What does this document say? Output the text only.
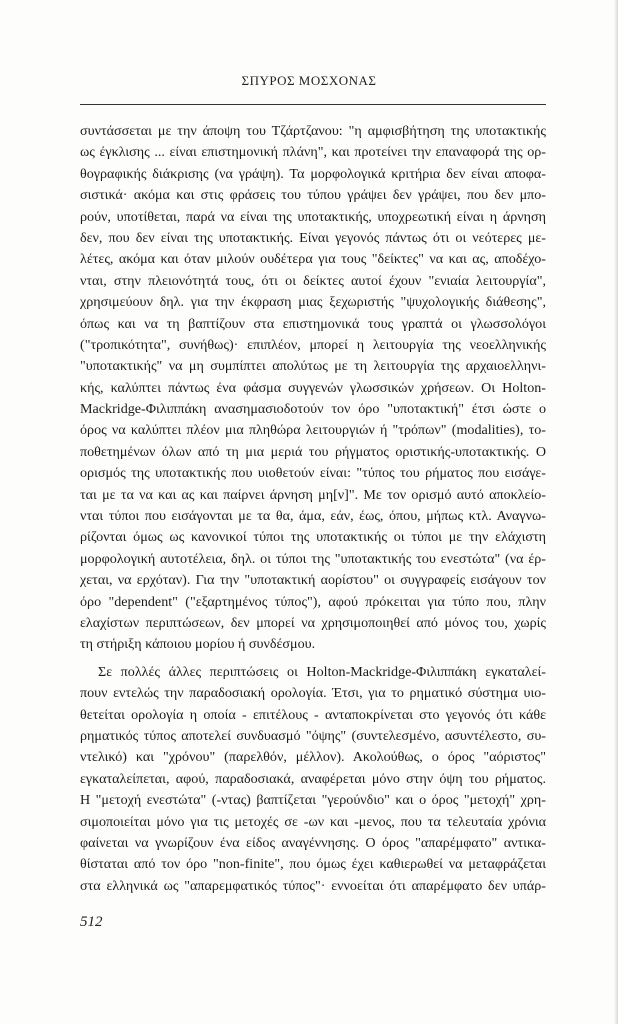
ΣΠΥΡΟΣ ΜΟΣΧΟΝΑΣ
συντάσσεται με την άποψη του Τζάρτζανου: "η αμφισβήτηση της υποτακτικής
ως έγκλισης ... είναι επιστημονική πλάνη", και προτείνει την επαναφορά της ορ-
θογραφικής διάκρισης (να γράψη). Τα μορφολογικά κριτήρια δεν είναι αποφα-
σιστικά· ακόμα και στις φράσεις του τύπου γράψει δεν γράψει, που δεν μπο-
ρούν, υποτίθεται, παρά να είναι της υποτακτικής, υποχρεωτική είναι η άρνηση
δεν, που δεν είναι της υποτακτικής. Είναι γεγονός πάντως ότι οι νεότερες με-
λέτες, ακόμα και όταν μιλούν ουδέτερα για τους "δείκτες" να και ας, αποδέχο-
νται, στην πλειονότητά τους, ότι οι δείκτες αυτοί έχουν "ενιαία λειτουργία",
χρησιμεύουν δηλ. για την έκφραση μιας ξεχωριστής "ψυχολογικής διάθεσης",
όπως και να τη βαπτίζουν στα επιστημονικά τους γραπτά οι γλωσσολόγοι
("τροπικότητα", συνήθως)· επιπλέον, μπορεί η λειτουργία της νεοελληνικής
"υποτακτικής" να μη συμπίπτει απολύτως με τη λειτουργία της αρχαιοελληνι-
κής, καλύπτει πάντως ένα φάσμα συγγενών γλωσσικών χρήσεων. Οι Holton-
Mackridge-Φιλιππάκη ανασημασιοδοτούν τον όρο "υποτακτική" έτσι ώστε ο
όρος να καλύπτει πλέον μια πληθώρα λειτουργιών ή "τρόπων" (modalities), το-
ποθετημένων όλων από τη μια μεριά του ρήγματος οριστικής-υποτακτικής. Ο
ορισμός της υποτακτικής που υιοθετούν είναι: "τύπος του ρήματος που εισάγε-
ται με τα να και ας και παίρνει άρνηση μη[ν]". Με τον ορισμό αυτό αποκλείο-
νται τύποι που εισάγονται με τα θα, άμα, εάν, έως, όπου, μήπως κτλ. Αναγνω-
ρίζονται όμως ως κανονικοί τύποι της υποτακτικής οι τύποι με την ελάχιστη
μορφολογική αυτοτέλεια, δηλ. οι τύποι της "υποτακτικής του ενεστώτα" (να έρ-
χεται, να ερχόταν). Για την "υποτακτική αορίστου" οι συγγραφείς εισάγουν τον
όρο "dependent" ("εξαρτημένος τύπος"), αφού πρόκειται για τύπο που, πλην
ελαχίστων περιπτώσεων, δεν μπορεί να χρησιμοποιηθεί από μόνος του, χωρίς
τη στήριξη κάποιου μορίου ή συνδέσμου.
Σε πολλές άλλες περιπτώσεις οι Holton-Mackridge-Φιλιππάκη εγκαταλεί-
πουν εντελώς την παραδοσιακή ορολογία. Έτσι, για το ρηματικό σύστημα υιο-
θετείται ορολογία η οποία - επιτέλους - ανταποκρίνεται στο γεγονός ότι κάθε
ρηματικός τύπος αποτελεί συνδυασμό "όψης" (συντελεσμένο, ασυντέλεστο, συ-
ντελικό) και "χρόνου" (παρελθόν, μέλλον). Ακολούθως, ο όρος "αόριστος"
εγκαταλείπεται, αφού, παραδοσιακά, αναφέρεται μόνο στην όψη του ρήματος.
Η "μετοχή ενεστώτα" (-ντας) βαπτίζεται "γερούνδιο" και ο όρος "μετοχή" χρη-
σιμοποιείται μόνο για τις μετοχές σε -ων και -μενος, που τα τελευταία χρόνια
φαίνεται να γνωρίζουν ένα είδος αναγέννησης. Ο όρος "απαρέμφατο" αντικα-
θίσταται από τον όρο "non-finite", που όμως έχει καθιερωθεί να μεταφράζεται
στα ελληνικά ως "απαρεμφατικός τύπος"· εννοείται ότι απαρέμφατο δεν υπάρ-
512
